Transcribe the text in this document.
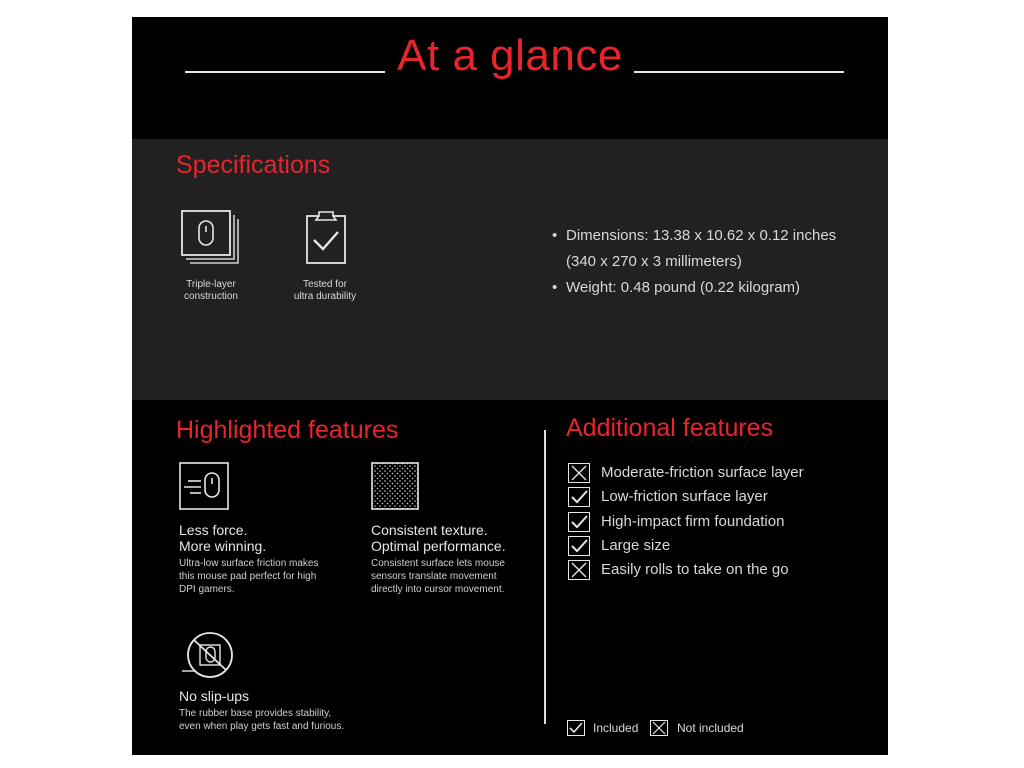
At a glance
Specifications
Triple-layer
construction
Tested for
ultra durability
• Dimensions: 13.38 x 10.62 x 0.12 inches
(340 x 270 x 3 millimeters)
• Weight: 0.48 pound (0.22 kilogram)
Highlighted features
Less force.
More winning.
Ultra-low surface friction makes
this mouse pad perfect for high
DPI gamers.
Consistent texture.
Optimal performance.
Consistent surface lets mouse
sensors translate movement
directly into cursor movement.
No slip-ups
The rubber base provides stability,
even when play gets fast and furious.
Additional features
Moderate-friction surface layer
Low-friction surface layer
High-impact firm foundation
Large size
Easily rolls to take on the go
Included	Not included
